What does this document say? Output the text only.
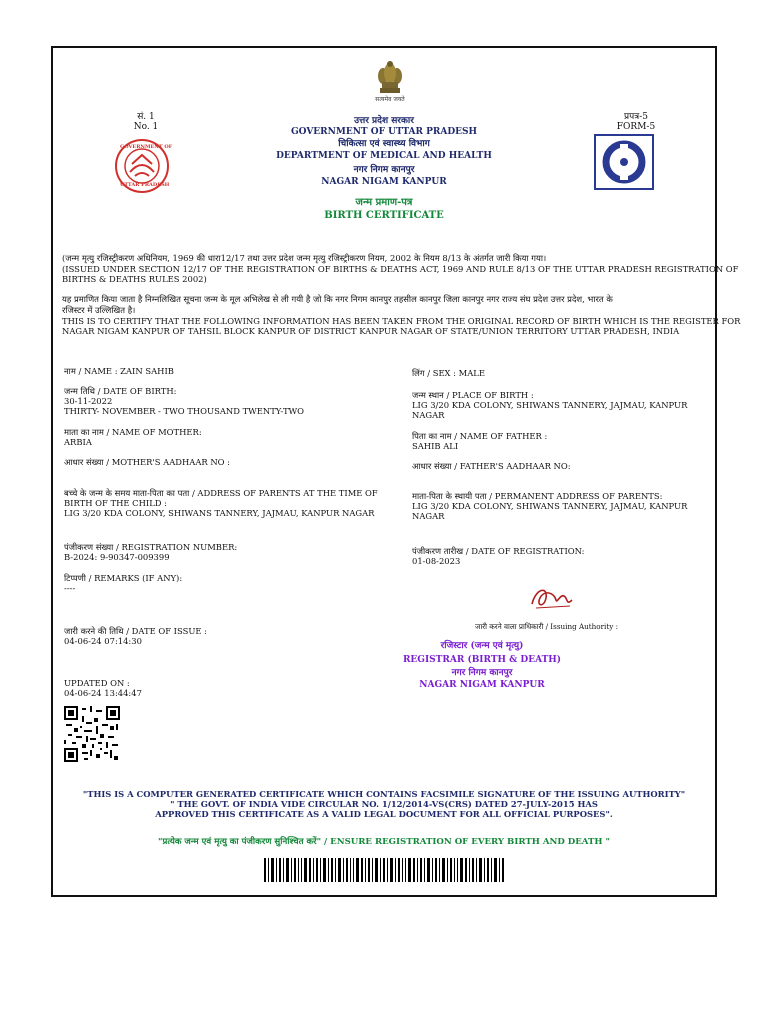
सत्यमेव जयते
सं. 1
No. 1
प्रपत्र-5
FORM-5
GOVERNMENT OF
UTTAR PRADESH
उत्तर प्रदेश सरकार
GOVERNMENT OF UTTAR PRADESH
चिकित्सा एवं स्वास्थ्य विभाग
DEPARTMENT OF MEDICAL AND HEALTH
नगर निगम कानपुर
NAGAR NIGAM KANPUR
जन्म प्रमाण-पत्र
BIRTH CERTIFICATE
(जन्म मृत्यु रजिस्ट्रीकरण अधिनियम, 1969 की धारा12/17 तथा उत्तर प्रदेश जन्म मृत्यु रजिस्ट्रीकरण नियम, 2002 के नियम 8/13 के अंतर्गत जारी किया गया।
(ISSUED UNDER SECTION 12/17 OF THE REGISTRATION OF BIRTHS & DEATHS ACT, 1969 AND RULE 8/13 OF THE UTTAR PRADESH REGISTRATION OF
BIRTHS & DEATHS RULES 2002)
यह प्रमाणित किया जाता है निम्नलिखित सूचना जन्म के मूल अभिलेख से ली गयी है जो कि नगर निगम कानपुर तहसील कानपुर जिला कानपुर नगर राज्य संघ प्रदेश उत्तर प्रदेश, भारत के
रजिस्टर में उल्लिखित है।
THIS IS TO CERTIFY THAT THE FOLLOWING INFORMATION HAS BEEN TAKEN FROM THE ORIGINAL RECORD OF BIRTH WHICH IS THE REGISTER FOR
NAGAR NIGAM KANPUR OF TAHSIL BLOCK KANPUR OF DISTRICT KANPUR NAGAR OF STATE/UNION TERRITORY UTTAR PRADESH, INDIA
नाम / NAME : ZAIN SAHIB
जन्म तिथि / DATE OF BIRTH:
30-11-2022
THIRTY- NOVEMBER - TWO THOUSAND TWENTY-TWO
माता का नाम / NAME OF MOTHER:
ARBIA
आधार संख्या / MOTHER'S AADHAAR NO :
बच्चे के जन्म के समय माता-पिता का पता / ADDRESS OF PARENTS AT THE TIME OF
BIRTH OF THE CHILD :
LIG 3/20 KDA COLONY, SHIWANS TANNERY, JAJMAU, KANPUR NAGAR
पंजीकरण संख्या / REGISTRATION NUMBER:
B-2024: 9-90347-009399
टिप्पणी / REMARKS (IF ANY):
----
जारी करने की तिथि / DATE OF ISSUE :
04-06-24 07:14:30
UPDATED ON :
04-06-24 13:44:47
लिंग / SEX : MALE
जन्म स्थान / PLACE OF BIRTH :
LIG 3/20 KDA COLONY, SHIWANS TANNERY, JAJMAU, KANPUR
NAGAR
पिता का नाम / NAME OF FATHER :
SAHIB ALI
आधार संख्या / FATHER'S AADHAAR NO:
माता-पिता के स्थायी पता / PERMANENT ADDRESS OF PARENTS:
LIG 3/20 KDA COLONY, SHIWANS TANNERY, JAJMAU, KANPUR
NAGAR
पंजीकरण तारीख / DATE OF REGISTRATION:
01-08-2023
जारी करने वाला प्राधिकारी / Issuing Authority :
रजिस्टार (जन्म एवं मृत्यु)
REGISTRAR (BIRTH & DEATH)
नगर निगम कानपुर
NAGAR NIGAM KANPUR
"THIS IS A COMPUTER GENERATED CERTIFICATE WHICH CONTAINS FACSIMILE SIGNATURE OF THE ISSUING AUTHORITY"
" THE GOVT. OF INDIA VIDE CIRCULAR NO. 1/12/2014-VS(CRS) DATED 27-JULY-2015 HAS
APPROVED THIS CERTIFICATE AS A VALID LEGAL DOCUMENT FOR ALL OFFICIAL PURPOSES".
"प्रत्येक जन्म एवं मृत्यु का पंजीकरण सुनिश्चित करें" / ENSURE REGISTRATION OF EVERY BIRTH AND DEATH "
